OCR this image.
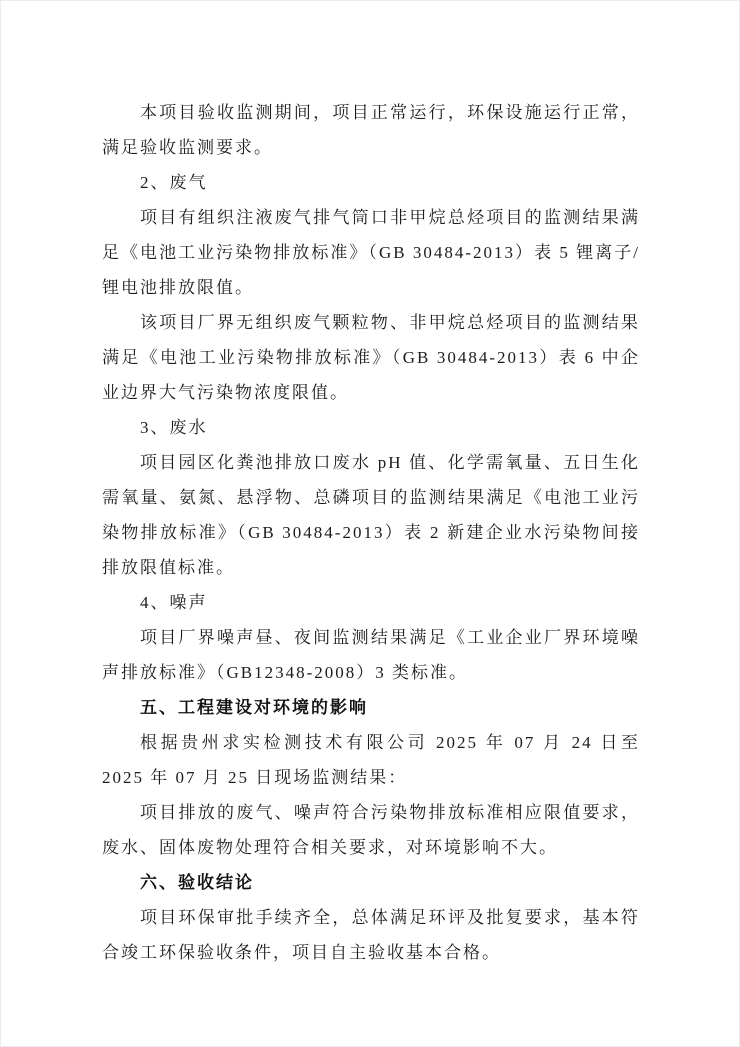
本项目验收监测期间，项目正常运行，环保设施运行正常，满足验收监测要求。

2、废气

项目有组织注液废气排气筒口非甲烷总烃项目的监测结果满足《电池工业污染物排放标准》（GB 30484-2013）表 5 锂离子/锂电池排放限值。

该项目厂界无组织废气颗粒物、非甲烷总烃项目的监测结果满足《电池工业污染物排放标准》（GB 30484-2013）表 6 中企业边界大气污染物浓度限值。

3、废水

项目园区化粪池排放口废水 pH 值、化学需氧量、五日生化需氧量、氨氮、悬浮物、总磷项目的监测结果满足《电池工业污染物排放标准》（GB 30484-2013）表 2 新建企业水污染物间接排放限值标准。

4、噪声

项目厂界噪声昼、夜间监测结果满足《工业企业厂界环境噪声排放标准》（GB12348-2008）3 类标准。

五、工程建设对环境的影响

根据贵州求实检测技术有限公司 2025 年 07 月 24 日至 2025 年 07 月 25 日现场监测结果：

项目排放的废气、噪声符合污染物排放标准相应限值要求，废水、固体废物处理符合相关要求，对环境影响不大。

六、验收结论

项目环保审批手续齐全，总体满足环评及批复要求，基本符合竣工环保验收条件，项目自主验收基本合格。
